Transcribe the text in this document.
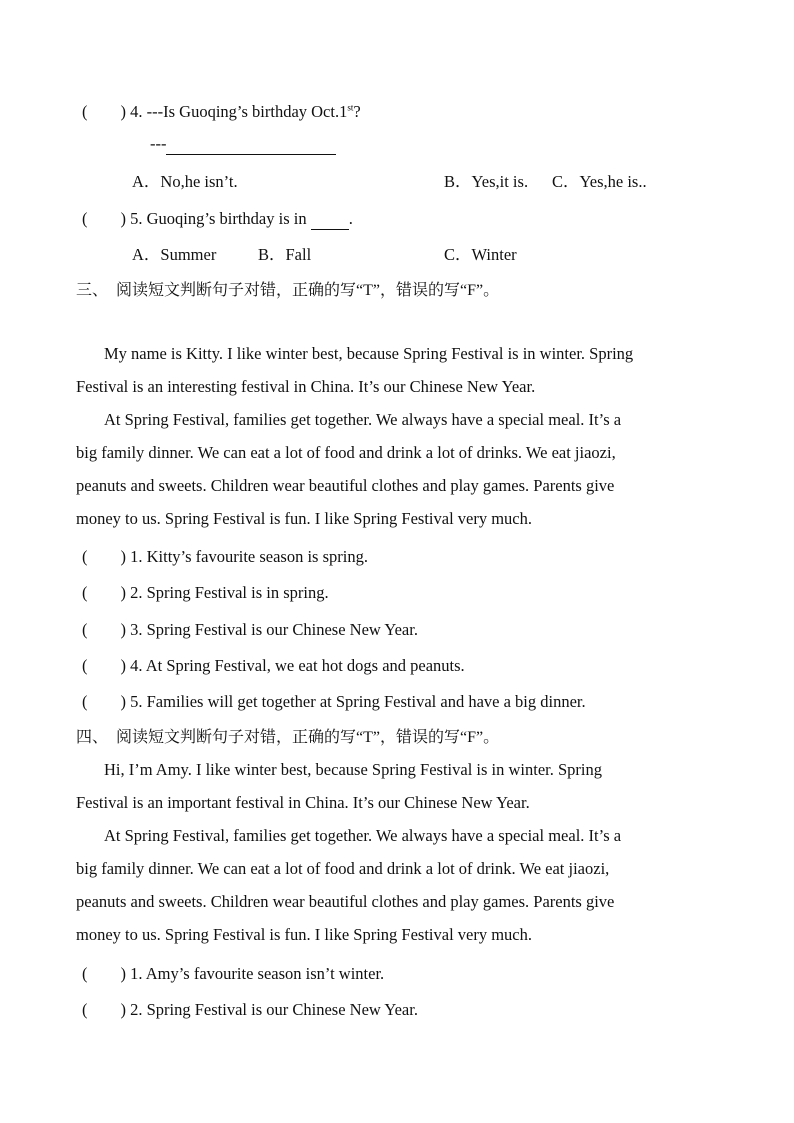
(　　) 4. ---Is Guoqing’s birthday Oct.1st?
---
A．No,he isn’t.	B．Yes,it is. C．Yes,he is..
(　　) 5. Guoqing’s birthday is in	.
A．Summer	B．Fall	C．Winter
三、 阅读短文判断句子对错，正确的写“T”，错误的写“F”。
My name is Kitty. I like winter best, because Spring Festival is in winter. Spring
Festival is an interesting festival in China. It’s our Chinese New Year.
At Spring Festival, families get together. We always have a special meal. It’s a
big family dinner. We can eat a lot of food and drink a lot of drinks. We eat jiaozi,
peanuts and sweets. Children wear beautiful clothes and play games. Parents give
money to us. Spring Festival is fun. I like Spring Festival very much.
(　　) 1. Kitty’s favourite season is spring.
(　　) 2. Spring Festival is in spring.
(　　) 3. Spring Festival is our Chinese New Year.
(　　) 4. At Spring Festival, we eat hot dogs and peanuts.
(　　) 5. Families will get together at Spring Festival and have a big dinner.
四、 阅读短文判断句子对错，正确的写“T”，错误的写“F”。
Hi, I’m Amy. I like winter best, because Spring Festival is in winter. Spring
Festival is an important festival in China. It’s our Chinese New Year.
At Spring Festival, families get together. We always have a special meal. It’s a
big family dinner. We can eat a lot of food and drink a lot of drink. We eat jiaozi,
peanuts and sweets. Children wear beautiful clothes and play games. Parents give
money to us. Spring Festival is fun. I like Spring Festival very much.
(　　) 1. Amy’s favourite season isn’t winter.
(　　) 2. Spring Festival is our Chinese New Year.
